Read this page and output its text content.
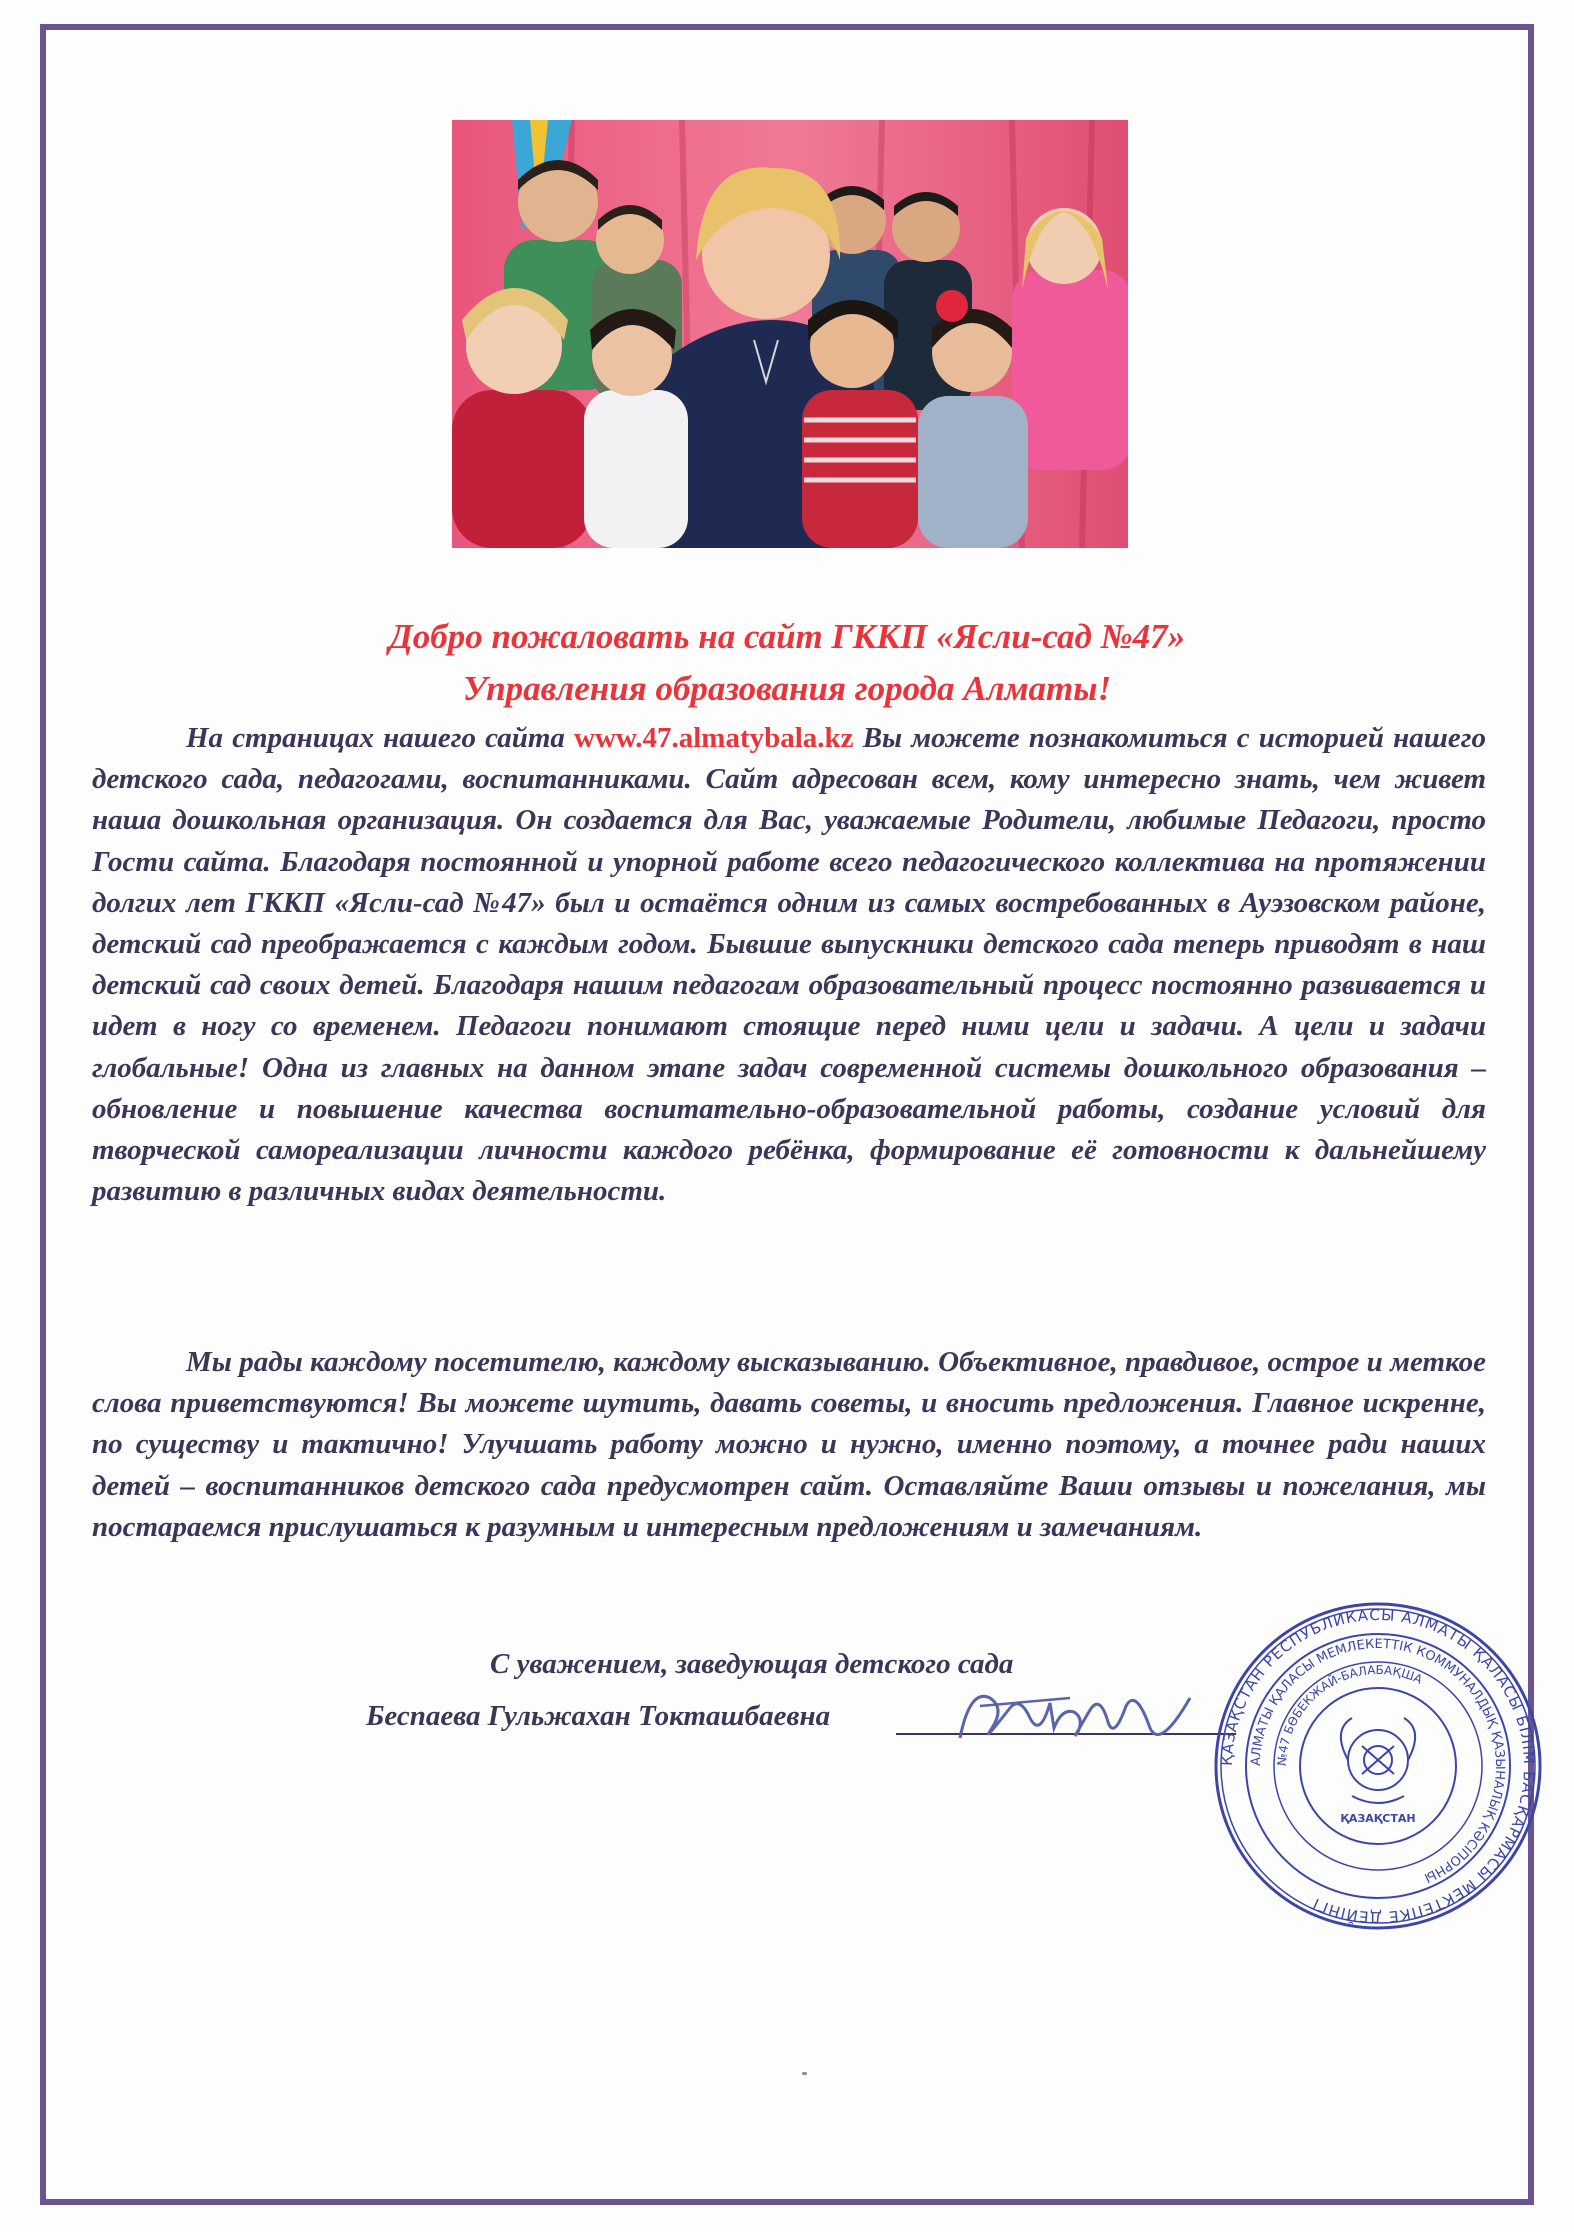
Добро пожаловать на сайт ГККП «Ясли-сад №47»
Управления образования города Алматы!

На страницах нашего сайта www.47.almatybala.kz Вы можете познакомиться с историей нашего детского сада, педагогами, воспитанниками. Сайт адресован всем, кому интересно знать, чем живет наша дошкольная организация. Он создается для Вас, уважаемые Родители, любимые Педагоги, просто Гости сайта. Благодаря постоянной и упорной работе всего педагогического коллектива на протяжении долгих лет ГККП «Ясли-сад №47» был и остаётся одним из самых востребованных в Ауэзовском районе, детский сад преображается с каждым годом. Бывшие выпускники детского сада теперь приводят в наш детский сад своих детей. Благодаря нашим педагогам образовательный процесс постоянно развивается и идет в ногу со временем. Педагоги понимают стоящие перед ними цели и задачи. А цели и задачи глобальные! Одна из главных на данном этапе задач современной системы дошкольного образования – обновление и повышение качества воспитательно-образовательной работы, создание условий для творческой самореализации личности каждого ребёнка, формирование её готовности к дальнейшему развитию в различных видах деятельности.

Мы рады каждому посетителю, каждому высказыванию. Объективное, правдивое, острое и меткое слова приветствуются! Вы можете шутить, давать советы, и вносить предложения. Главное искренне, по существу и тактично! Улучшать работу можно и нужно, именно поэтому, а точнее ради наших детей – воспитанников детского сада предусмотрен сайт. Оставляйте Ваши отзывы и пожелания, мы постараемся прислушаться к разумным и интересным предложениям и замечаниям.

С уважением, заведующая детского сада
Беспаева Гульжахан Токташбаевна
ҚАЗАҚСТАН РЕСПУБЛИКАСЫ АЛМАТЫ ҚАЛАСЫ БІЛІМ БАСҚАРМАСЫ МЕКТЕПКЕ ДЕЙІНГІ
АЛМАТЫ ҚАЛАСЫ МЕМЛЕКЕТТІК КОММУНАЛДЫҚ ҚАЗЫНАЛЫҚ КӘСІПОРНЫ
№47 БӨБЕКЖАЙ-БАЛАБАҚША
ҚАЗАҚСТАН
